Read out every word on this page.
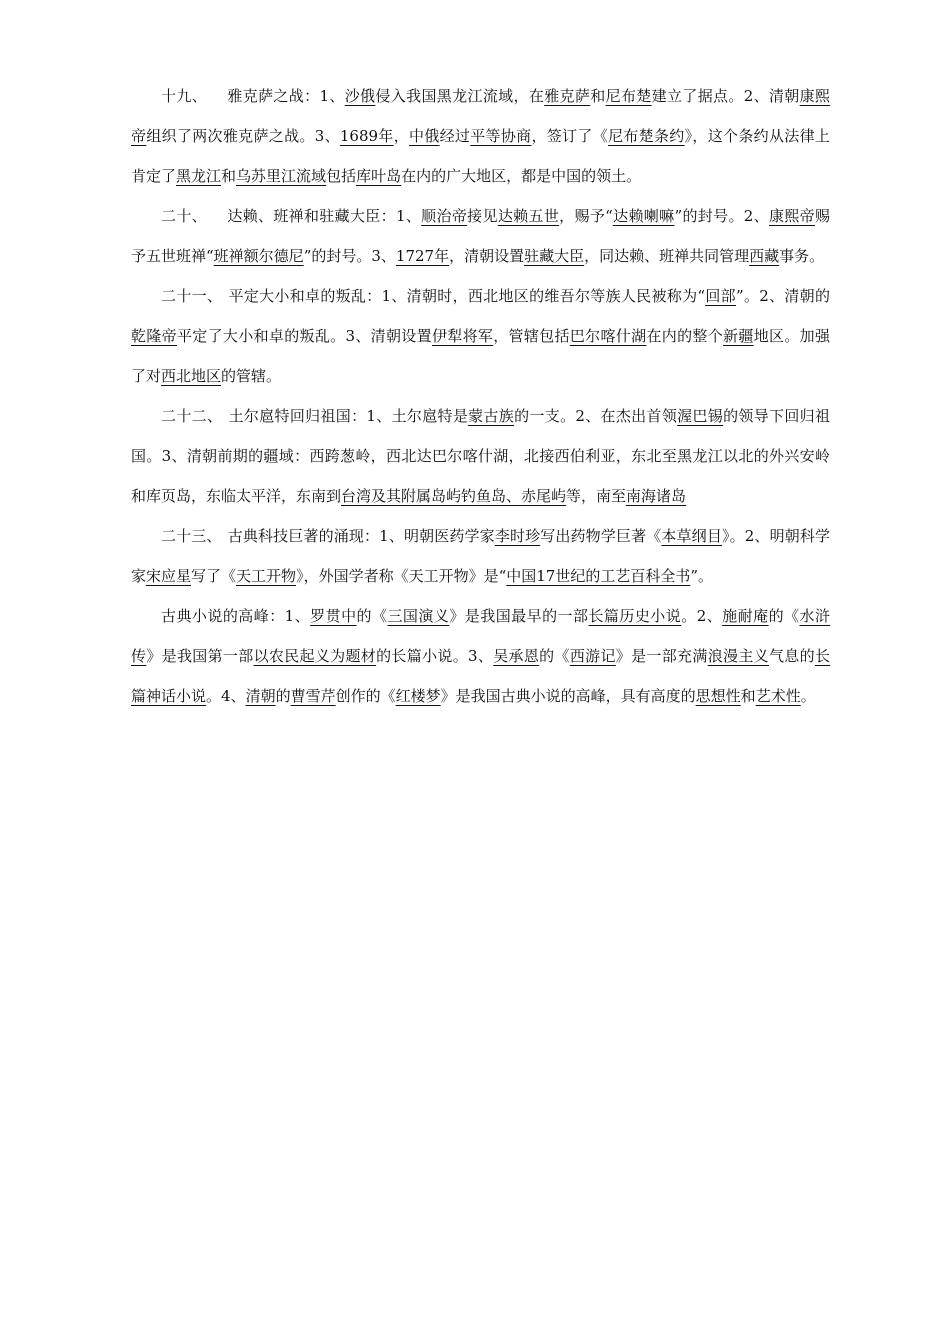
十九、 雅克萨之战：1、沙俄侵入我国黑龙江流域，在雅克萨和尼布楚建立了据点。2、清朝康熙帝组织了两次雅克萨之战。3、1689年，中俄经过平等协商，签订了《尼布楚条约》，这个条约从法律上肯定了黑龙江和乌苏里江流域包括库叶岛在内的广大地区，都是中国的领土。

二十、 达赖、班禅和驻藏大臣：1、顺治帝接见达赖五世，赐予“达赖喇嘛”的封号。2、康熙帝赐予五世班禅“班禅额尔德尼”的封号。3、1727年，清朝设置驻藏大臣，同达赖、班禅共同管理西藏事务。

二十一、 平定大小和卓的叛乱：1、清朝时，西北地区的维吾尔等族人民被称为“回部”。2、清朝的乾隆帝平定了大小和卓的叛乱。3、清朝设置伊犁将军，管辖包括巴尔喀什湖在内的整个新疆地区。加强了对西北地区的管辖。

二十二、 土尔扈特回归祖国：1、土尔扈特是蒙古族的一支。2、在杰出首领渥巴锡的领导下回归祖国。3、清朝前期的疆域：西跨葱岭，西北达巴尔喀什湖，北接西伯利亚，东北至黑龙江以北的外兴安岭和库页岛，东临太平洋，东南到台湾及其附属岛屿钓鱼岛、赤尾屿等，南至南海诸岛

二十三、 古典科技巨著的涌现：1、明朝医药学家李时珍写出药物学巨著《本草纲目》。2、明朝科学家宋应星写了《天工开物》，外国学者称《天工开物》是“中国17世纪的工艺百科全书”。

古典小说的高峰：1、罗贯中的《三国演义》是我国最早的一部长篇历史小说。2、施耐庵的《水浒传》是我国第一部以农民起义为题材的长篇小说。3、吴承恩的《西游记》是一部充满浪漫主义气息的长篇神话小说。4、清朝的曹雪芹创作的《红楼梦》是我国古典小说的高峰，具有高度的思想性和艺术性。
